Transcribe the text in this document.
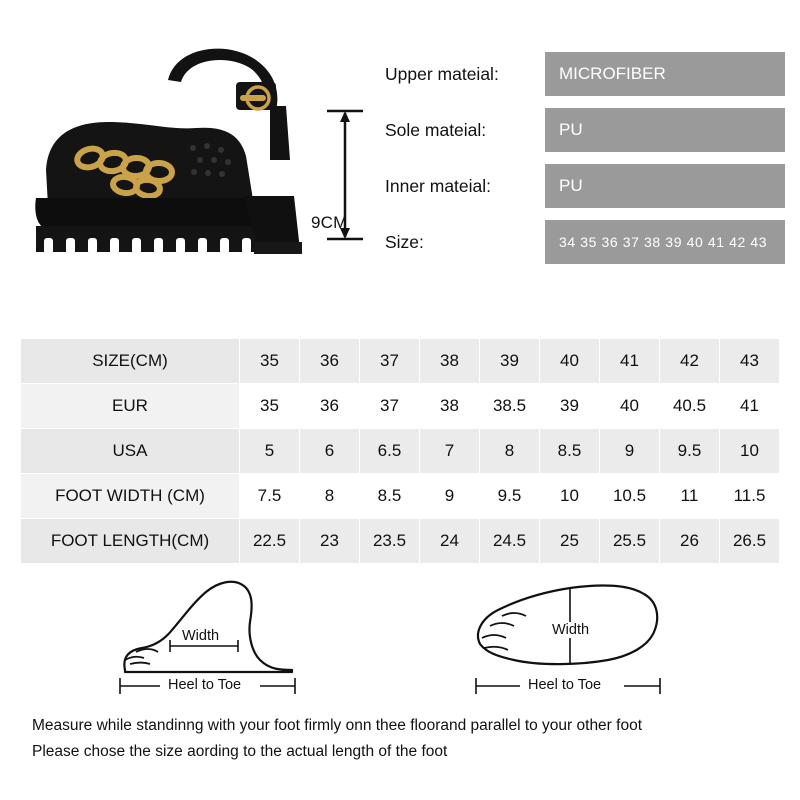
9CM
Upper mateial:	MICROFIBER
Sole mateial:	PU
Inner mateial:	PU
Size:	34 35 36 37 38 39 40 41 42 43
SIZE(CM)	35	36	37	38	39	40	41	42	43
EUR	35	36	37	38	38.5	39	40	40.5	41
USA	5	6	6.5	7	8	8.5	9	9.5	10
FOOT WIDTH (CM)	7.5	8	8.5	9	9.5	10	10.5	11	11.5
FOOT LENGTH(CM)	22.5	23	23.5	24	24.5	25	25.5	26	26.5
Width
Heel to Toe
Width
Heel to Toe

Measure while standinng with your foot firmly onn thee floorand parallel to your other foot

Please chose the size aording to the actual length of the foot
